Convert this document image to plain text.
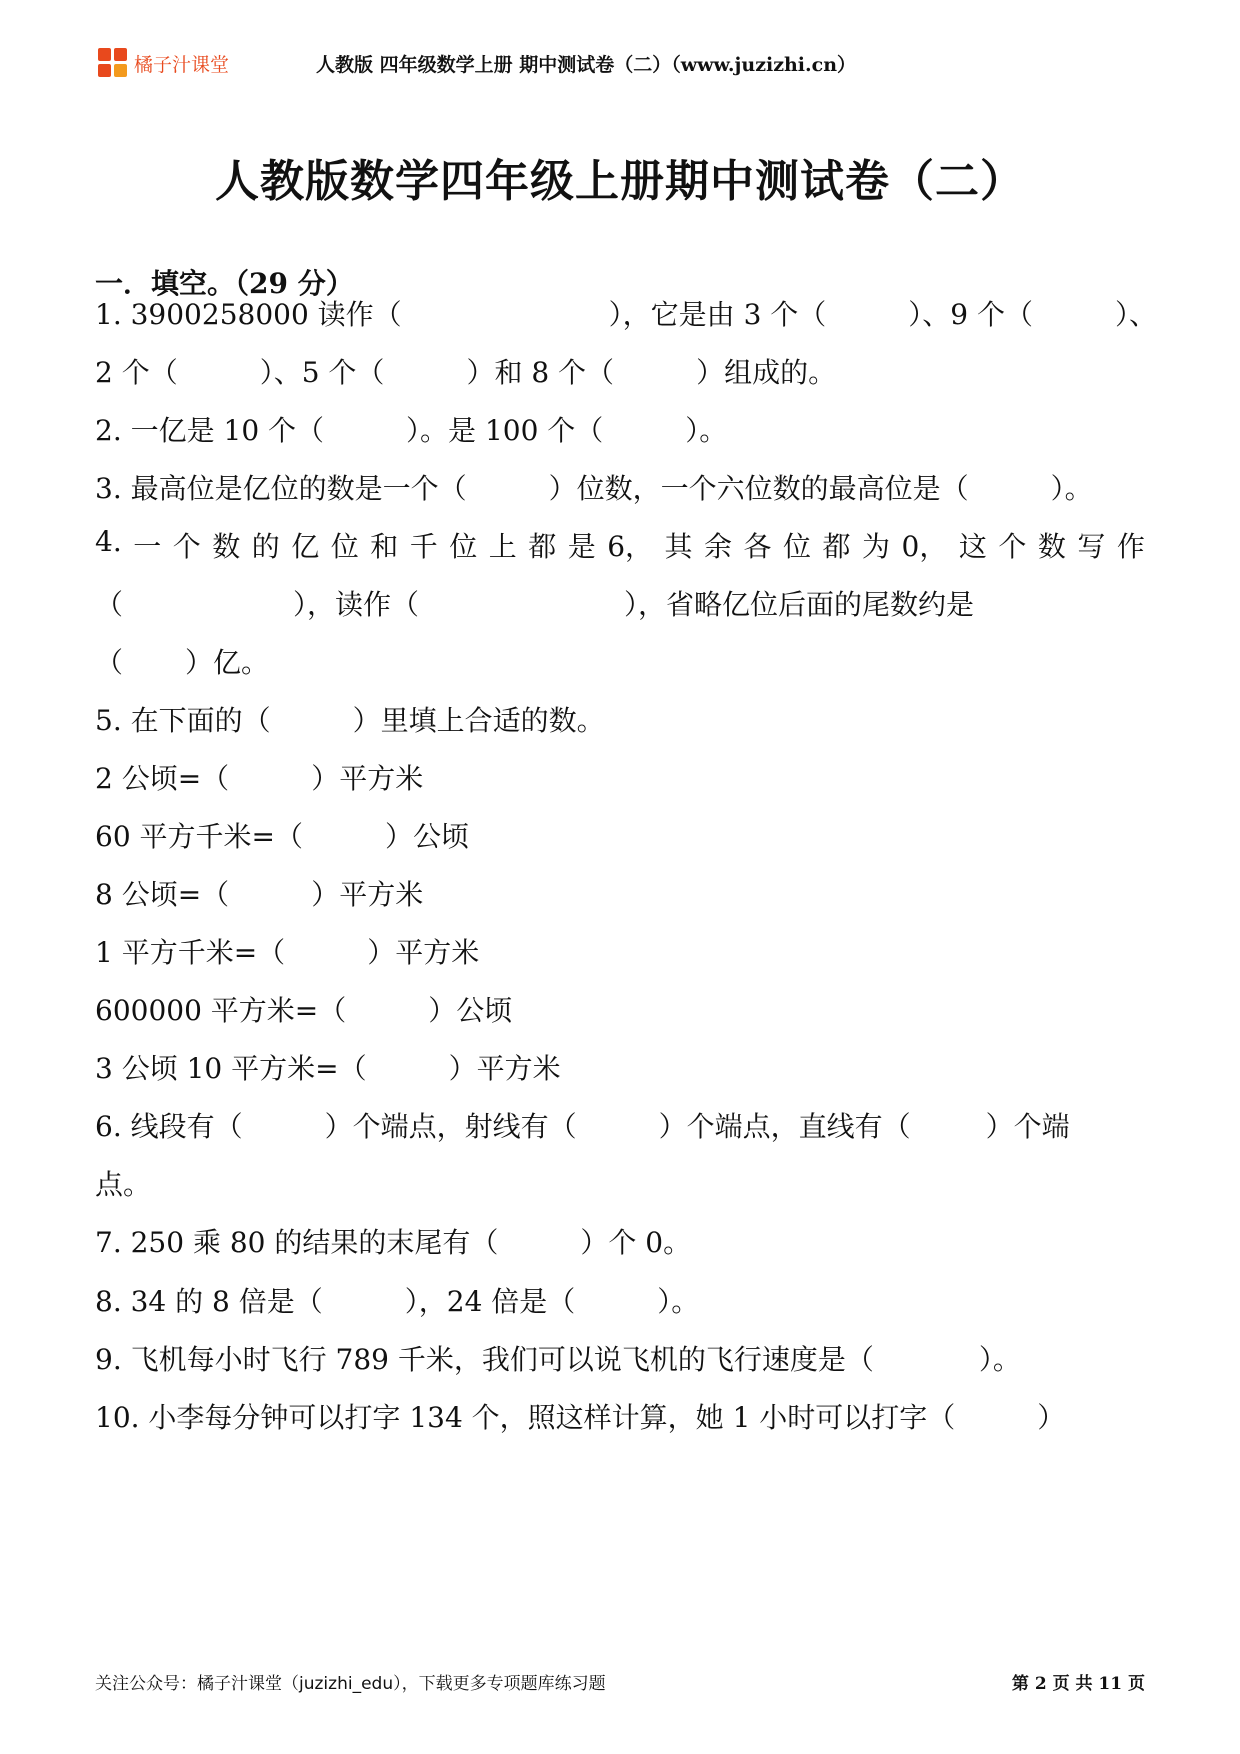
橘子汁课堂	人教版 四年级数学上册 期中测试卷（二）（www.juzizhi.cn）
人教版数学四年级上册期中测试卷（二）
一．填空。（29 分）
1. 3900258000 读作（	），它是由 3 个（	）、9 个（	）、
2 个（	）、5 个（	）和 8 个（	）组成的。
2. 一亿是 10 个（	）。是 100 个（	）。
3. 最高位是亿位的数是一个（	）位数，一个六位数的最高位是（	）。
4. 一 个 数 的 亿 位 和 千 位 上 都 是 6， 其 余 各 位 都 为 0， 这 个 数 写 作
（	），读作（	），省略亿位后面的尾数约是
（ ）亿。
5. 在下面的（	）里填上合适的数。
2 公顷=（	）平方米
60 平方千米=（	）公顷
8 公顷=（	）平方米
1 平方千米=（	）平方米
600000 平方米=（	）公顷
3 公顷 10 平方米=（	）平方米
6. 线段有（	）个端点，射线有（	）个端点，直线有（	）个端
点。
7. 250 乘 80 的结果的末尾有（	）个 0。
8. 34 的 8 倍是（	），24 倍是（	）。
9. 飞机每小时飞行 789 千米，我们可以说飞机的飞行速度是（	）。
10. 小李每分钟可以打字 134 个，照这样计算，她 1 小时可以打字（	）
关注公众号：橘子汁课堂（juzizhi_edu），下载更多专项题库练习题	第 2 页 共 11 页
